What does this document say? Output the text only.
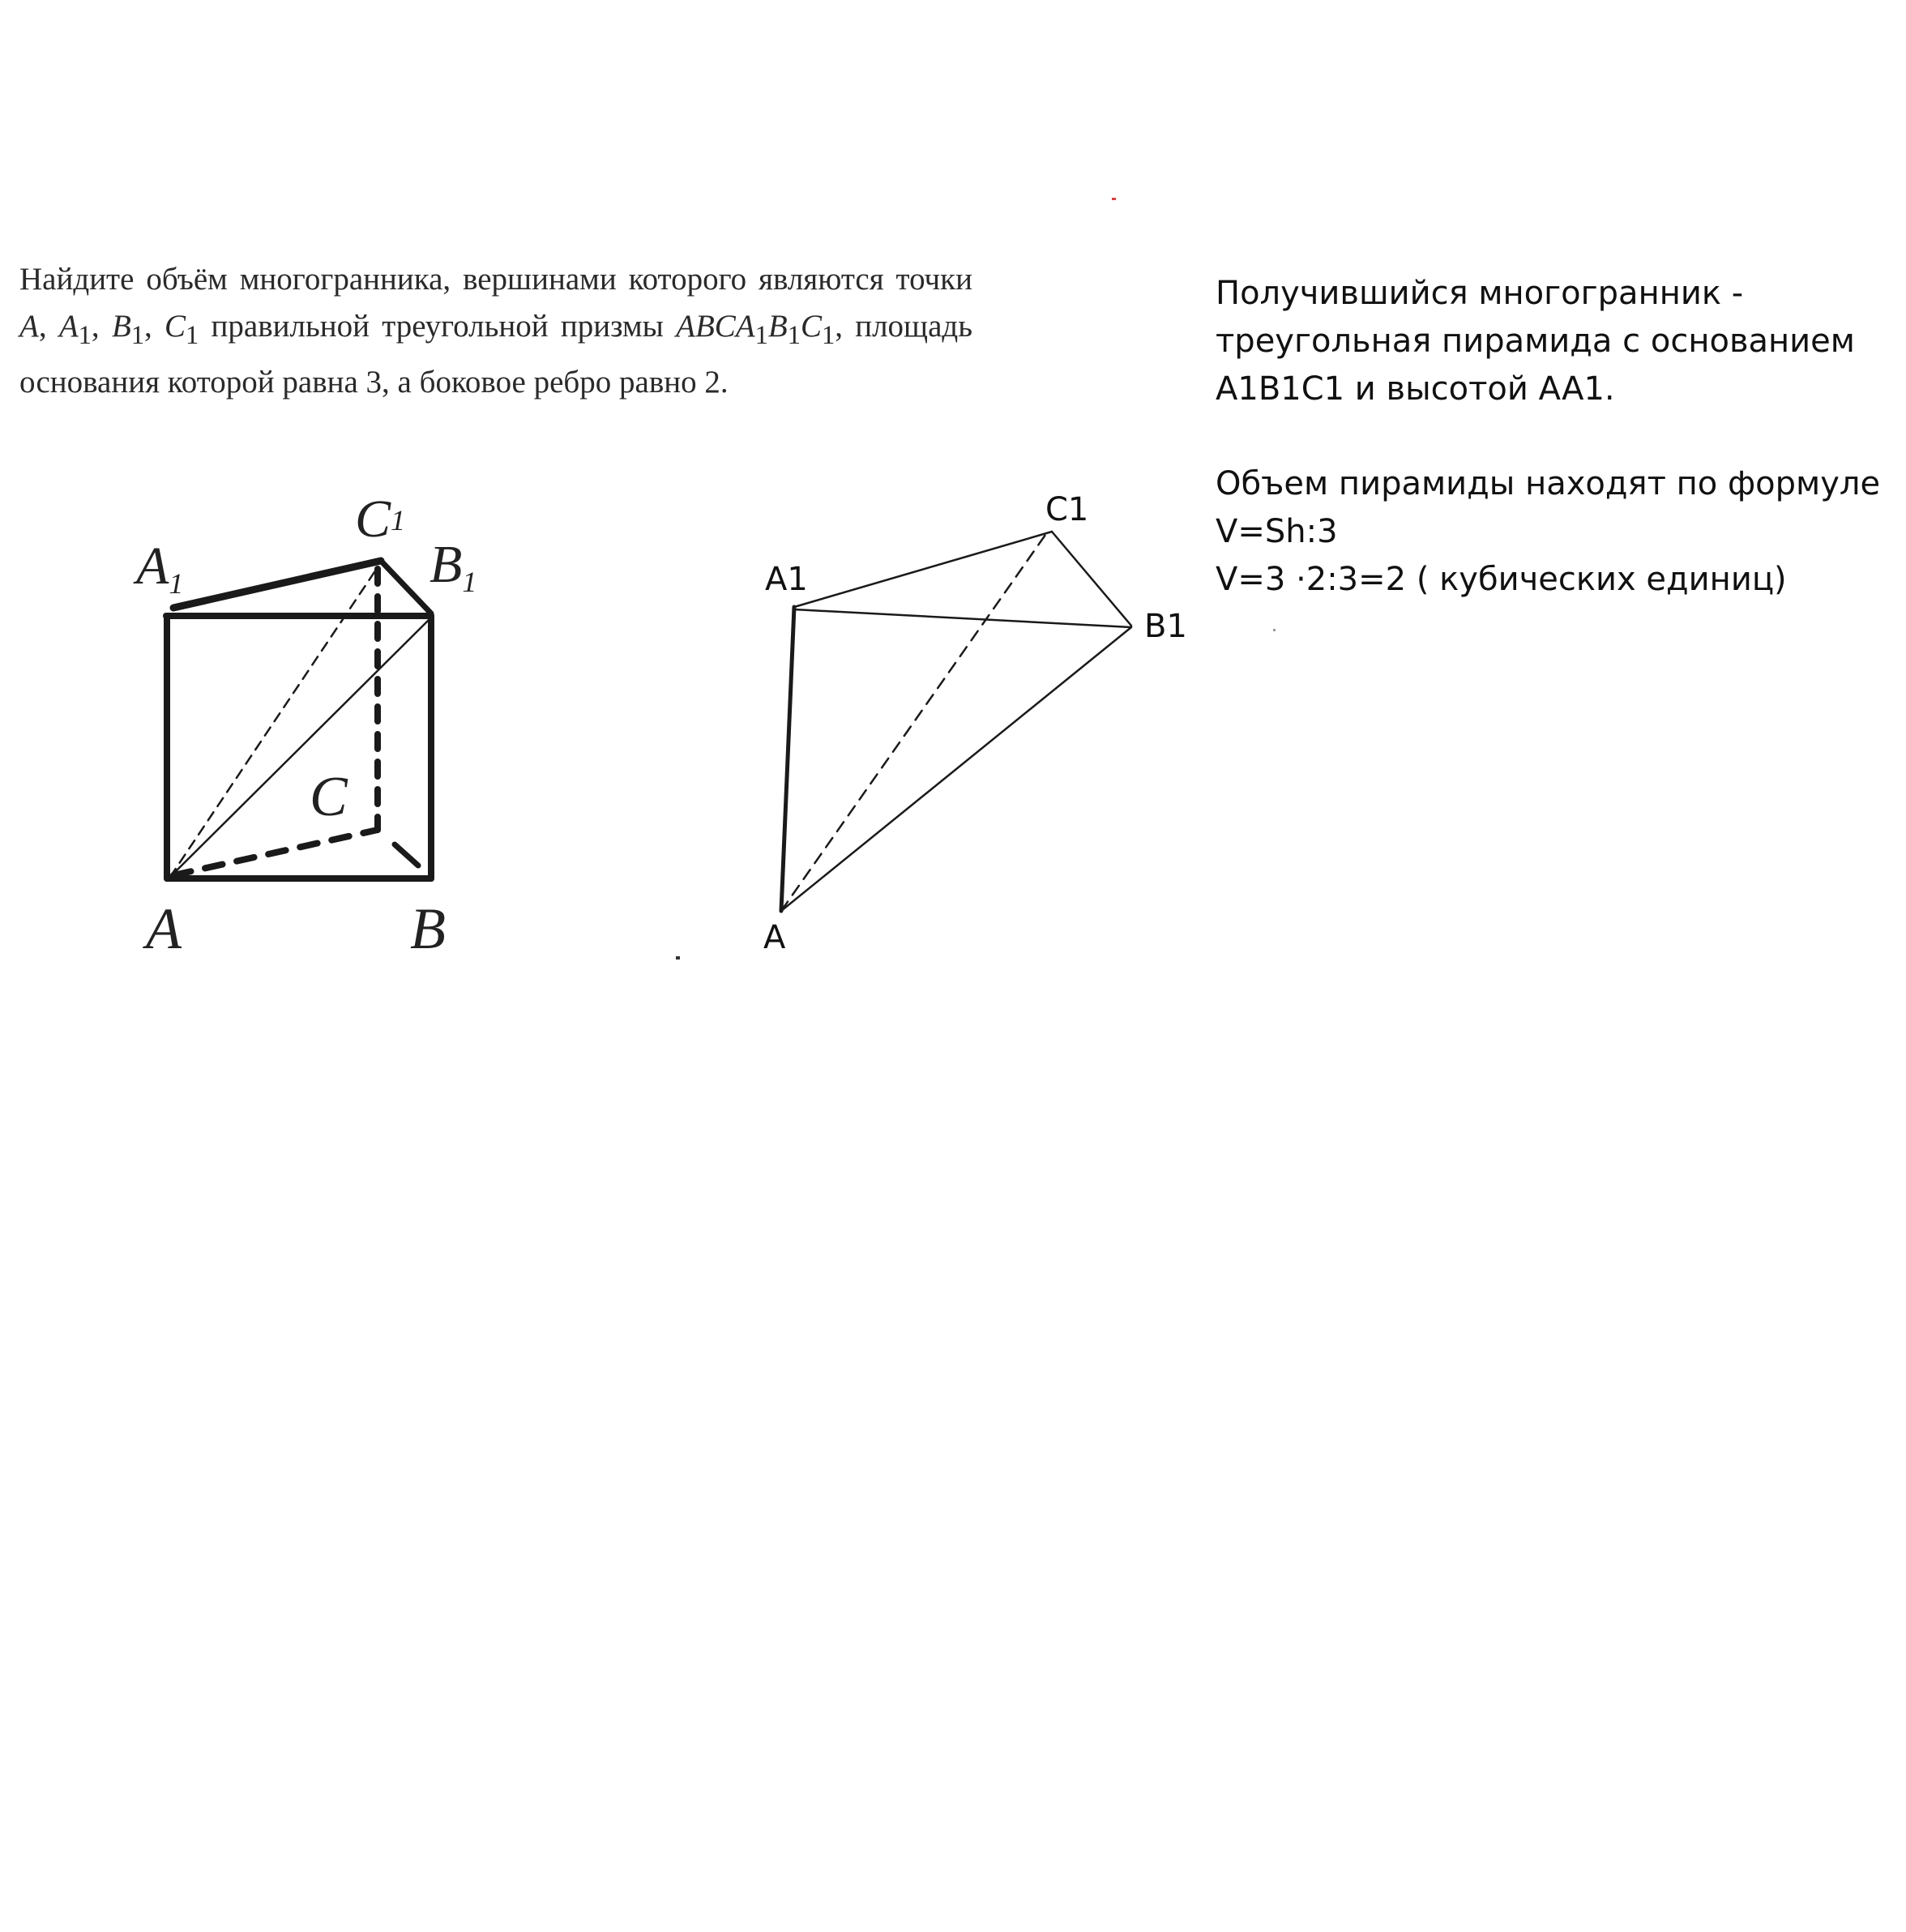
Найдите объём многогранника, вершинами которого являются точки A, $A_1$, $B_1$, $C_1$ правильной треугольной призмы $ABCA_1B_1C_1$, площадь основания которой равна 3, а боковое ребро равно 2.

Получившийся многогранник -
треугольная пирамида с основанием
A1B1C1 и высотой AA1.
Объем пирамиды находят по формуле
V=Sh:3
V=3 ⋅2:3=2 ( кубических единиц)
A1
C1
B1
C
A	B
C1
A1
B1
A
